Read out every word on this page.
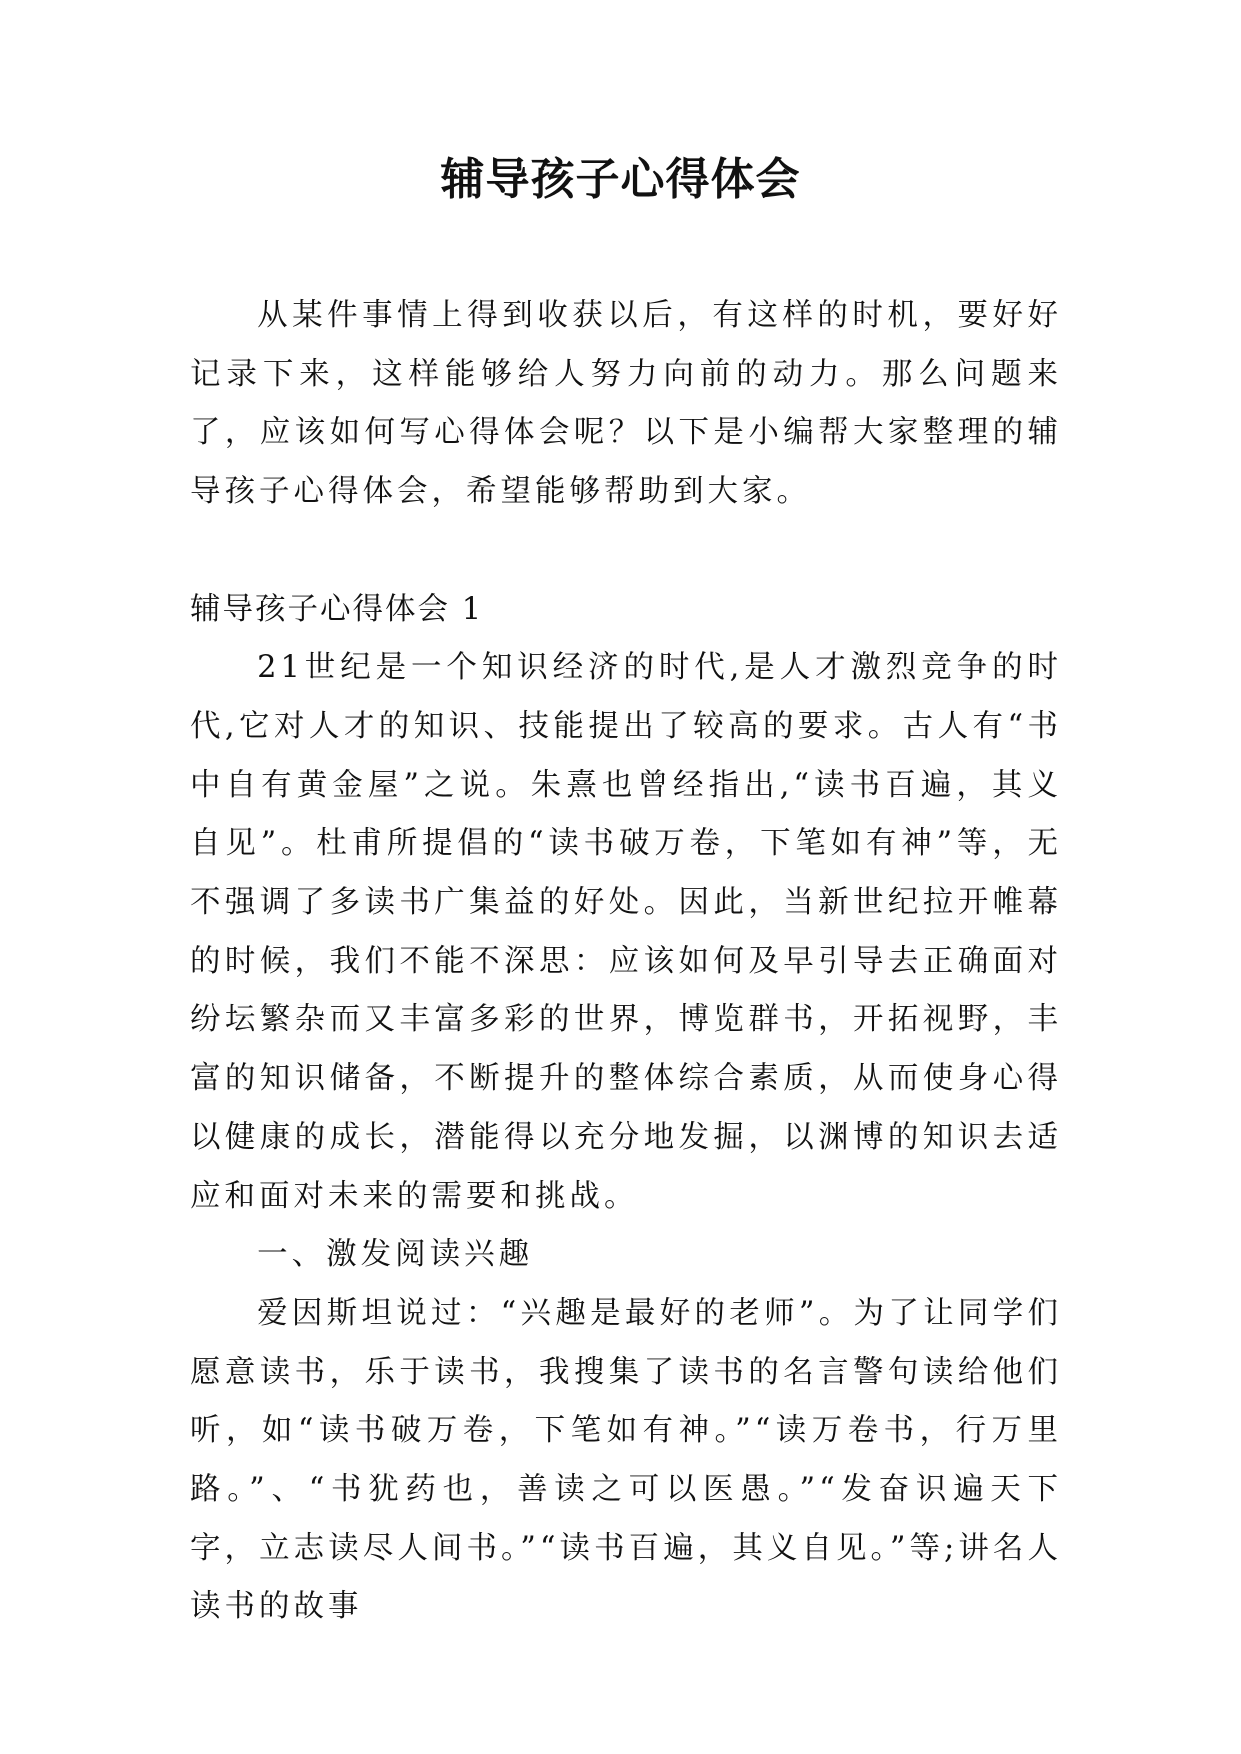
辅导孩子心得体会

从某件事情上得到收获以后，有这样的时机，要好好记录下来，这样能够给人努力向前的动力。那么问题来了，应该如何写心得体会呢？以下是小编帮大家整理的辅导孩子心得体会，希望能够帮助到大家。

辅导孩子心得体会 1

21世纪是一个知识经济的时代,是人才激烈竞争的时代,它对人才的知识、技能提出了较高的要求。古人有“书中自有黄金屋”之说。朱熹也曾经指出,“读书百遍，其义自见”。杜甫所提倡的“读书破万卷，下笔如有神”等，无不强调了多读书广集益的好处。因此，当新世纪拉开帷幕的时候，我们不能不深思：应该如何及早引导去正确面对纷坛繁杂而又丰富多彩的世界，博览群书，开拓视野，丰富的知识储备，不断提升的整体综合素质，从而使身心得以健康的成长，潜能得以充分地发掘，以渊博的知识去适应和面对未来的需要和挑战。

一、激发阅读兴趣

爱因斯坦说过：“兴趣是最好的老师”。为了让同学们愿意读书，乐于读书，我搜集了读书的名言警句读给他们听，如“读书破万卷，下笔如有神。”“读万卷书，行万里路。”、“书犹药也，善读之可以医愚。”“发奋识遍天下字，立志读尽人间书。”“读书百遍，其义自见。”等;讲名人读书的故事
